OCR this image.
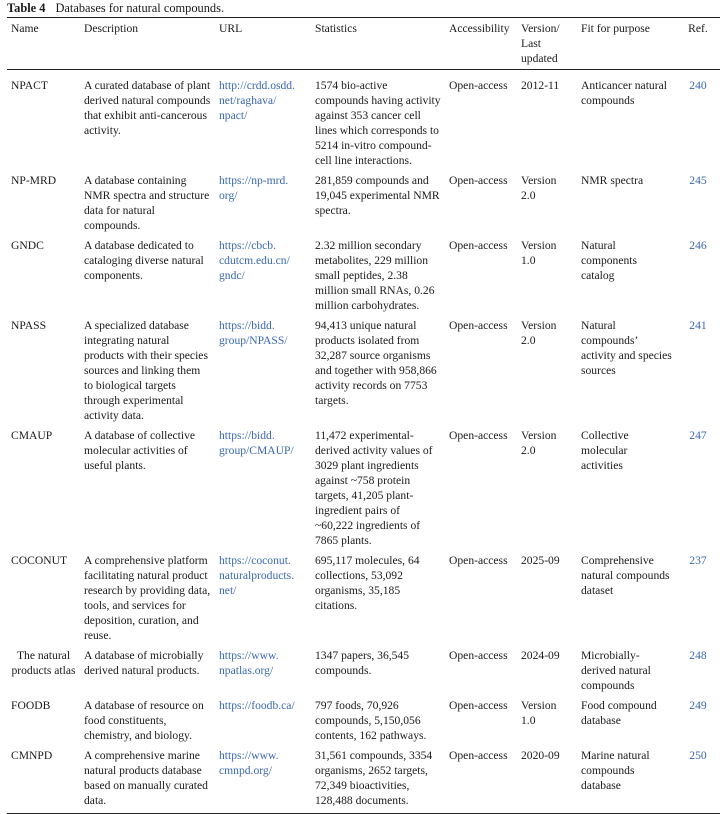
Table 4 Databases for natural compounds.
Name	Description	URL	Statistics	Accessibility	Version/ Last updated	Fit for purpose	Ref.
NPACT	A curated database of plant derived natural compounds that exhibit anti-cancerous activity.	http://crdd.osdd.
net/raghava/
npact/	1574 bio-active compounds having activity against 353 cancer cell lines which corresponds to 5214 in-vitro compound-cell line interactions.	Open-access	2012-11	Anticancer natural compounds	240
NP-MRD	A database containing NMR spectra and structure data for natural compounds.	https://np-mrd.
org/	281,859 compounds and 19,045 experimental NMR spectra.	Open-access	Version 2.0	NMR spectra	245
GNDC	A database dedicated to cataloging diverse natural components.	https://cbcb.
cdutcm.edu.cn/
gndc/	2.32 million secondary metabolites, 229 million small peptides, 2.38 million small RNAs, 0.26 million carbohydrates.	Open-access	Version 1.0	Natural components catalog	246
NPASS	A specialized database integrating natural products with their species sources and linking them to biological targets through experimental activity data.	https://bidd.
group/NPASS/	94,413 unique natural products isolated from 32,287 source organisms and together with 958,866 activity records on 7753 targets.	Open-access	Version 2.0	Natural compounds’ activity and species sources	241
CMAUP	A database of collective molecular activities of useful plants.	https://bidd.
group/CMAUP/	11,472 experimental-derived activity values of 3029 plant ingredients against ~758 protein targets, 41,205 plant-ingredient pairs of ~60,222 ingredients of 7865 plants.	Open-access	Version 2.0	Collective molecular activities	247
COCONUT	A comprehensive platform facilitating natural product research by providing data, tools, and services for deposition, curation, and reuse.	https://coconut.
naturalproducts.
net/	695,117 molecules, 64 collections, 53,092 organisms, 35,185 citations.	Open-access	2025-09	Comprehensive natural compounds dataset	237
The natural products atlas	A database of microbially derived natural products.	https://www.
npatlas.org/	1347 papers, 36,545 compounds.	Open-access	2024-09	Microbially-derived natural compounds	248
FOODB	A database of resource on food constituents, chemistry, and biology.	https://foodb.ca/	797 foods, 70,926 compounds, 5,150,056 contents, 162 pathways.	Open-access	Version 1.0	Food compound database	249
CMNPD	A comprehensive marine natural products database based on manually curated data.	https://www.
cmnpd.org/	31,561 compounds, 3354 organisms, 2652 targets, 72,349 bioactivities, 128,488 documents.	Open-access	2020-09	Marine natural compounds database	250
